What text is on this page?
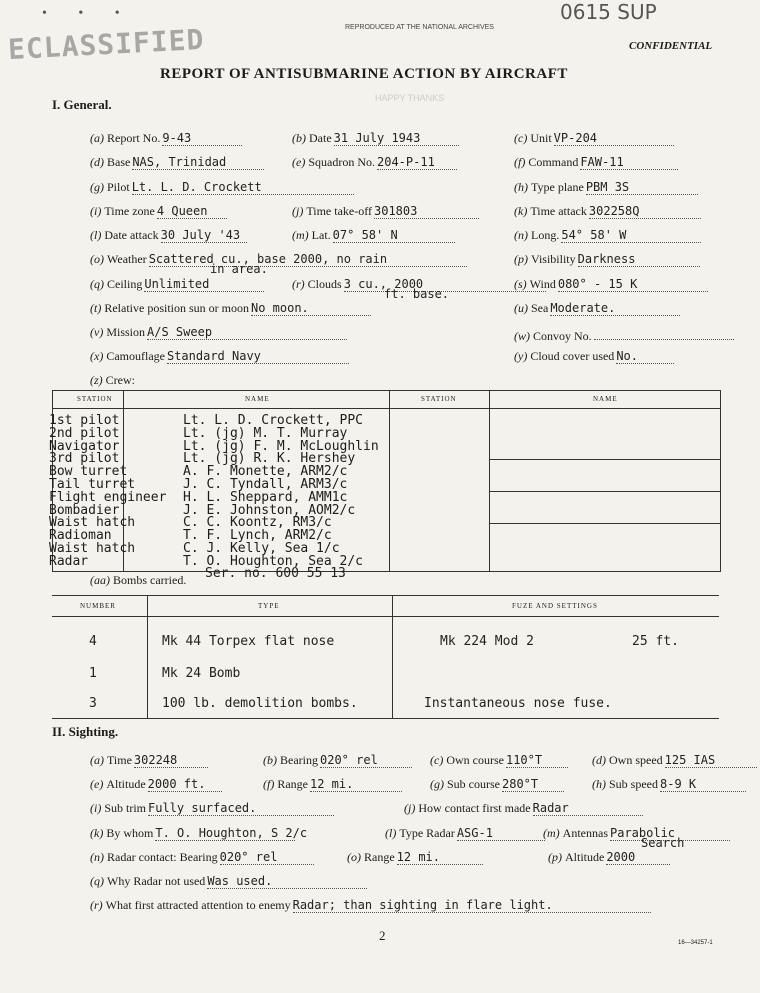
ECLASSIFIED
• • •
REPRODUCED AT THE NATIONAL ARCHIVES
0615 SUP
CONFIDENTIAL
REPORT OF ANTISUBMARINE ACTION BY AIRCRAFT
HAPPY THANKS
I. General.
(a) Report No. 9-43	(b) Date 31 July 1943	(c) Unit VP-204
(d) Base NAS, Trinidad	(e) Squadron No. 204-P-11	(f) Command FAW-11
(g) Pilot Lt. L. D. Crockett	(h) Type plane PBM 3S
(i) Time zone 4 Queen	(j) Time take-off 301803	(k) Time attack 302258Q
(l) Date attack 30 July '43	(m) Lat. 07° 58' N	(n) Long. 54° 58' W
(o) Weather Scattered cu., base 2000, no rain
in area.
(p) Visibility Darkness
(q) Ceiling Unlimited	(r) Clouds 3 cu., 2000
ft. base.
(s) Wind 080° - 15 K
(t) Relative position sun or moon No moon.	(u) Sea Moderate.
(v) Mission A/S Sweep	(w) Convoy No.
(x) Camouflage Standard Navy	(y) Cloud cover used No.
(z) Crew:
STATION	NAME	STATION	NAME
1st pilot	Lt. L. D. Crockett, PPC
2nd pilot	Lt. (jg) M. T. Murray
Navigator	Lt. (jg) F. M. McLoughlin
3rd pilot	Lt. (jg) R. K. Hershey
Bow turret	A. F. Monette, ARM2/c
Tail turret	J. C. Tyndall, ARM3/c
Flight engineer H. L. Sheppard, AMM1c
Bombadier	J. E. Johnston, AOM2/c
Waist hatch	C. C. Koontz, RM3/c
Radioman	T. F. Lynch, ARM2/c
Waist hatch	C. J. Kelly, Sea 1/c
Radar	T. O. Houghton, Sea 2/c
(aa) Bombs carried. Ser. no. 600 55 13
NUMBER	TYPE	FUZE AND SETTINGS
4	Mk 44 Torpex flat nose	Mk 224 Mod 2	25 ft.
1	Mk 24 Bomb
3	100 lb. demolition bombs.	Instantaneous nose fuse.
II. Sighting.
(a) Time 302248	(b) Bearing 020° rel	(c) Own course 110°T	(d) Own speed 125 IAS
(e) Altitude 2000 ft.	(f) Range 12 mi.	(g) Sub course 280°T	(h) Sub speed 8-9 K
(i) Sub trim Fully surfaced.	(j) How contact first made Radar
(k) By whom T. O. Houghton, S 2/c	(l) Type Radar ASG-1	(m) Antennas Parabolic
Search
(n) Radar contact: Bearing 020° rel	(o) Range 12 mi.	(p) Altitude 2000
(q) Why Radar not used Was used.
(r) What first attracted attention to enemy Radar; than sighting in flare light.
2	16—34257-1
